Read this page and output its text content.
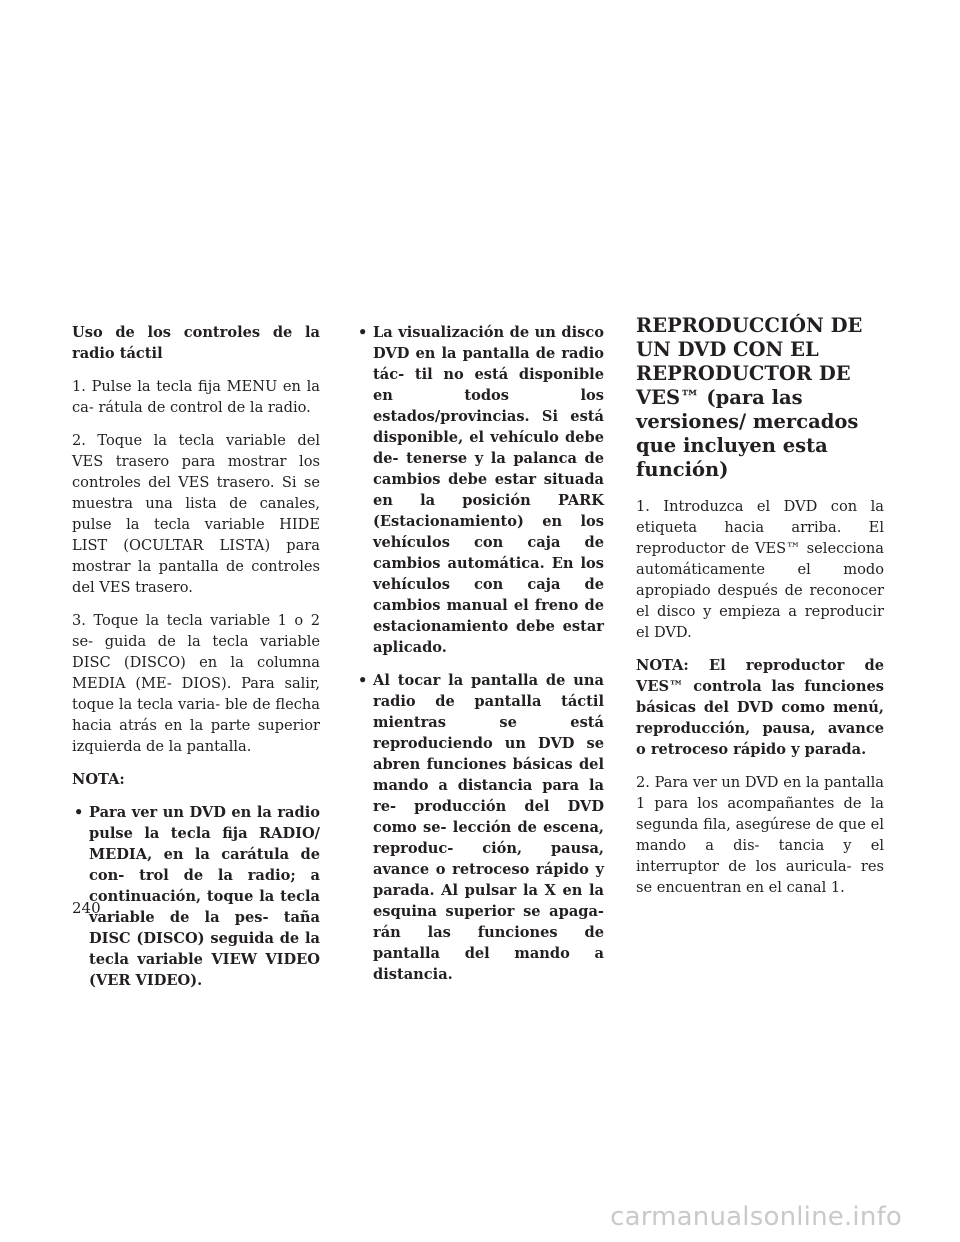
Uso de los controles de la radio táctil

1. Pulse la tecla fija MENU en la ca- rátula de control de la radio.

2. Toque la tecla variable del VES trasero para mostrar los controles del VES trasero. Si se muestra una lista de canales, pulse la tecla variable HIDE LIST (OCULTAR LISTA) para mostrar la pantalla de controles del VES trasero.

3. Toque la tecla variable 1 o 2 se- guida de la tecla variable DISC (DISCO) en la columna MEDIA (ME- DIOS). Para salir, toque la tecla varia- ble de flecha hacia atrás en la parte superior izquierda de la pantalla.

NOTA:

• Para ver un DVD en la radio pulse la tecla fija RADIO/ MEDIA, en la carátula de con- trol de la radio; a continuación, toque la tecla variable de la pes- taña DISC (DISCO) seguida de la tecla variable VIEW VIDEO (VER VIDEO).
• La visualización de un disco DVD en la pantalla de radio tác- til no está disponible en todos los estados/provincias. Si está disponible, el vehículo debe de- tenerse y la palanca de cambios debe estar situada en la posición PARK (Estacionamiento) en los vehículos con caja de cambios automática. En los vehículos con caja de cambios manual el freno de estacionamiento debe estar aplicado.
• Al tocar la pantalla de una radio de pantalla táctil mientras se está reproduciendo un DVD se abren funciones básicas del mando a distancia para la re- producción del DVD como se- lección de escena, reproduc- ción, pausa, avance o retroceso rápido y parada. Al pulsar la X en la esquina superior se apaga- rán las funciones de pantalla del mando a distancia.
REPRODUCCIÓN DE UN DVD CON EL REPRODUCTOR DE VES™ (para las versiones/ mercados que incluyen esta función)

1. Introduzca el DVD con la etiqueta hacia arriba. El reproductor de VES™ selecciona automáticamente el modo apropiado después de reconocer el disco y empieza a reproducir el DVD.

NOTA: El reproductor de VES™ controla las funciones básicas del DVD como menú, reproducción, pausa, avance o retroceso rápido y parada.

2. Para ver un DVD en la pantalla 1 para los acompañantes de la segunda fila, asegúrese de que el mando a dis- tancia y el interruptor de los auricula- res se encuentran en el canal 1.

240
carmanualsonline.info
